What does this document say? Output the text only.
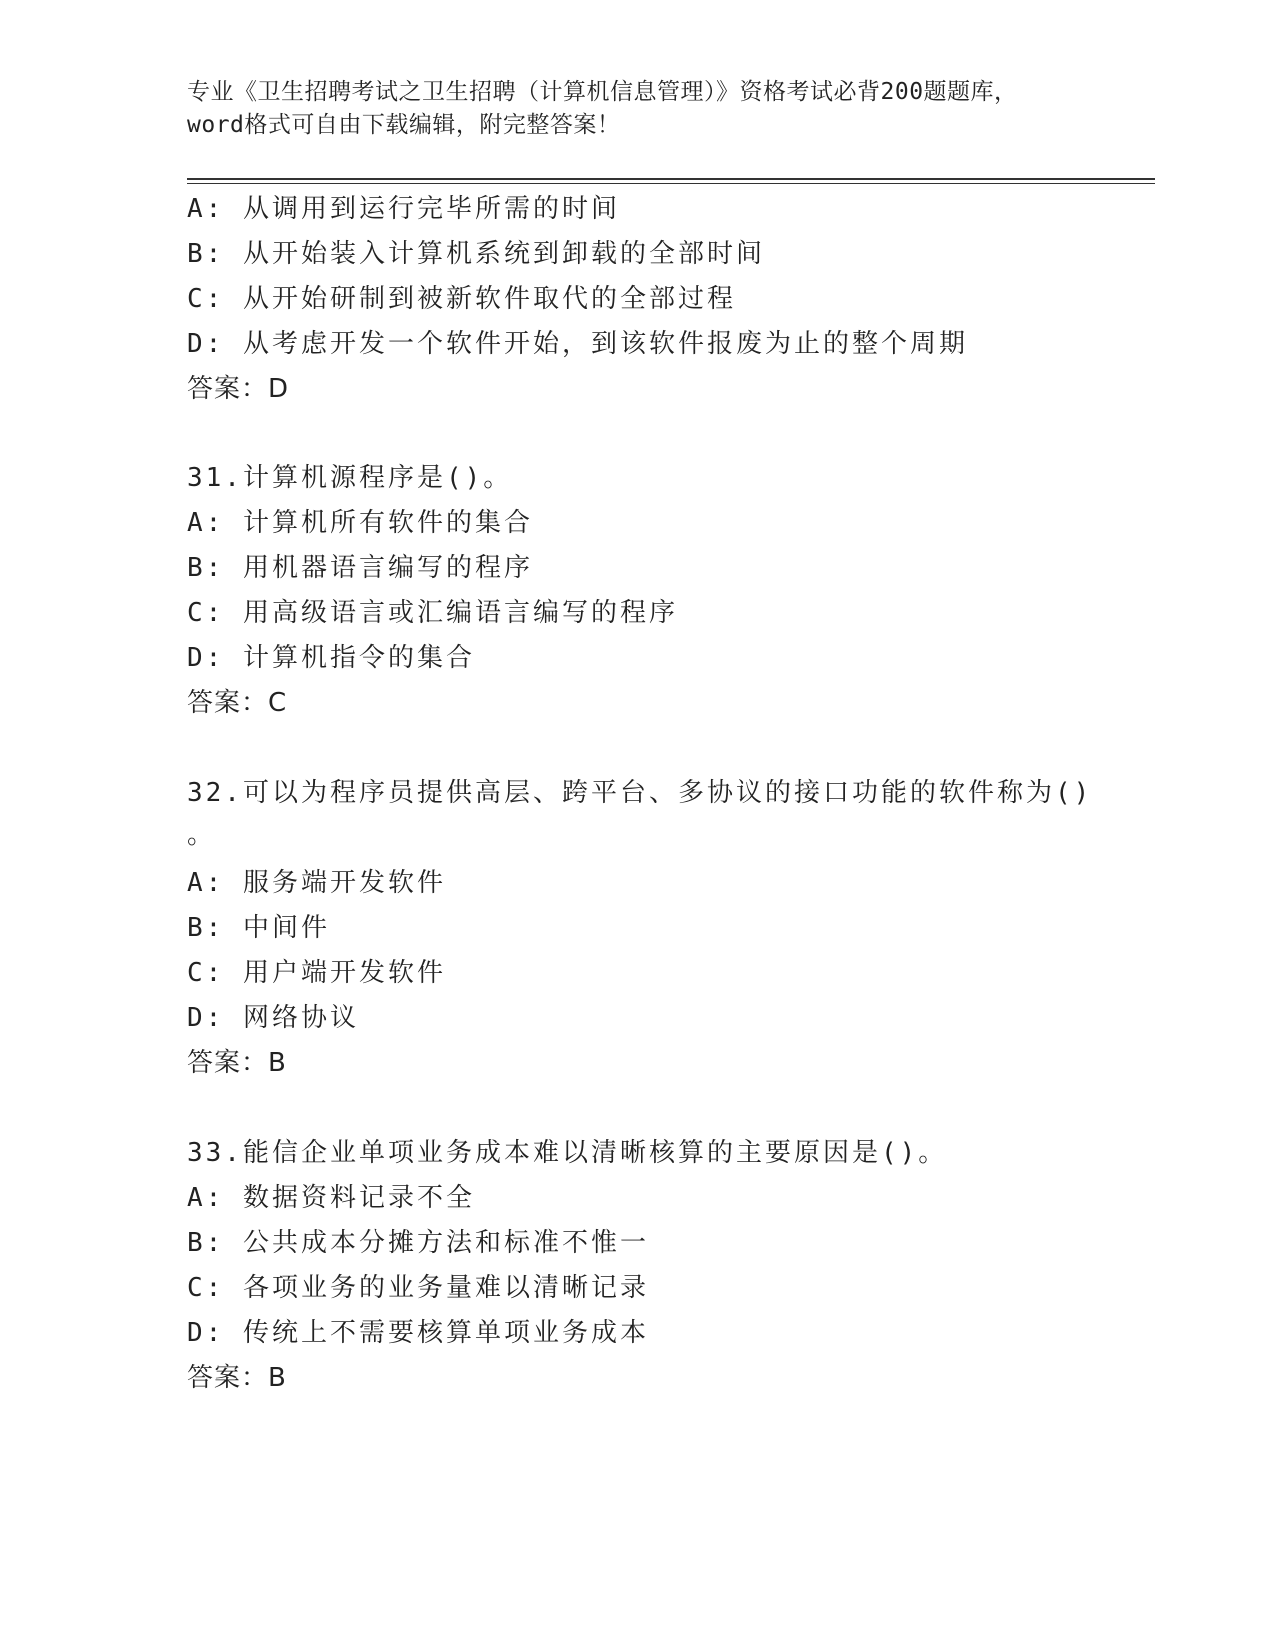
专业《卫生招聘考试之卫生招聘（计算机信息管理）》资格考试必背200题题库，
word格式可自由下载编辑，附完整答案！
A: 从调用到运行完毕所需的时间
B: 从开始装入计算机系统到卸载的全部时间
C: 从开始研制到被新软件取代的全部过程
D: 从考虑开发一个软件开始，到该软件报废为止的整个周期
答案：D
31.计算机源程序是()。
A: 计算机所有软件的集合
B: 用机器语言编写的程序
C: 用高级语言或汇编语言编写的程序
D: 计算机指令的集合
答案：C
32.可以为程序员提供高层、跨平台、多协议的接口功能的软件称为()
。
A: 服务端开发软件
B: 中间件
C: 用户端开发软件
D: 网络协议
答案：B
33.能信企业单项业务成本难以清晰核算的主要原因是()。
A: 数据资料记录不全
B: 公共成本分摊方法和标准不惟一
C: 各项业务的业务量难以清晰记录
D: 传统上不需要核算单项业务成本
答案：B
